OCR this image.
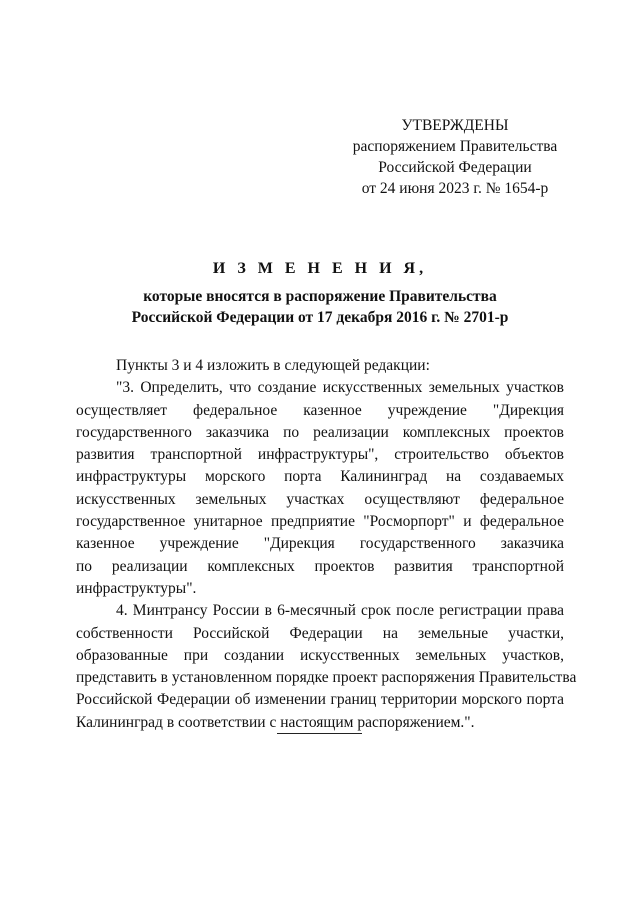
УТВЕРЖДЕНЫ
распоряжением Правительства
Российской Федерации
от 24 июня 2023 г. № 1654-р
И З М Е Н Е Н И Я,
которые вносятся в распоряжение Правительства
Российской Федерации от 17 декабря 2016 г. № 2701-р

Пункты 3 и 4 изложить в следующей редакции:

"3. Определить, что создание искусственных земельных участков
осуществляет федеральное казенное учреждение "Дирекция
государственного заказчика по реализации комплексных проектов
развития транспортной инфраструктуры", строительство объектов
инфраструктуры морского порта Калининград на создаваемых
искусственных земельных участках осуществляют федеральное
государственное унитарное предприятие "Росморпорт" и федеральное
казенное учреждение "Дирекция государственного заказчика
по реализации комплексных проектов развития транспортной
инфраструктуры".

4. Минтрансу России в 6-месячный срок после регистрации права
собственности Российской Федерации на земельные участки,
образованные при создании искусственных земельных участков,
представить в установленном порядке проект распоряжения Правительства
Российской Федерации об изменении границ территории морского порта
Калининград в соответствии с настоящим распоряжением.".
